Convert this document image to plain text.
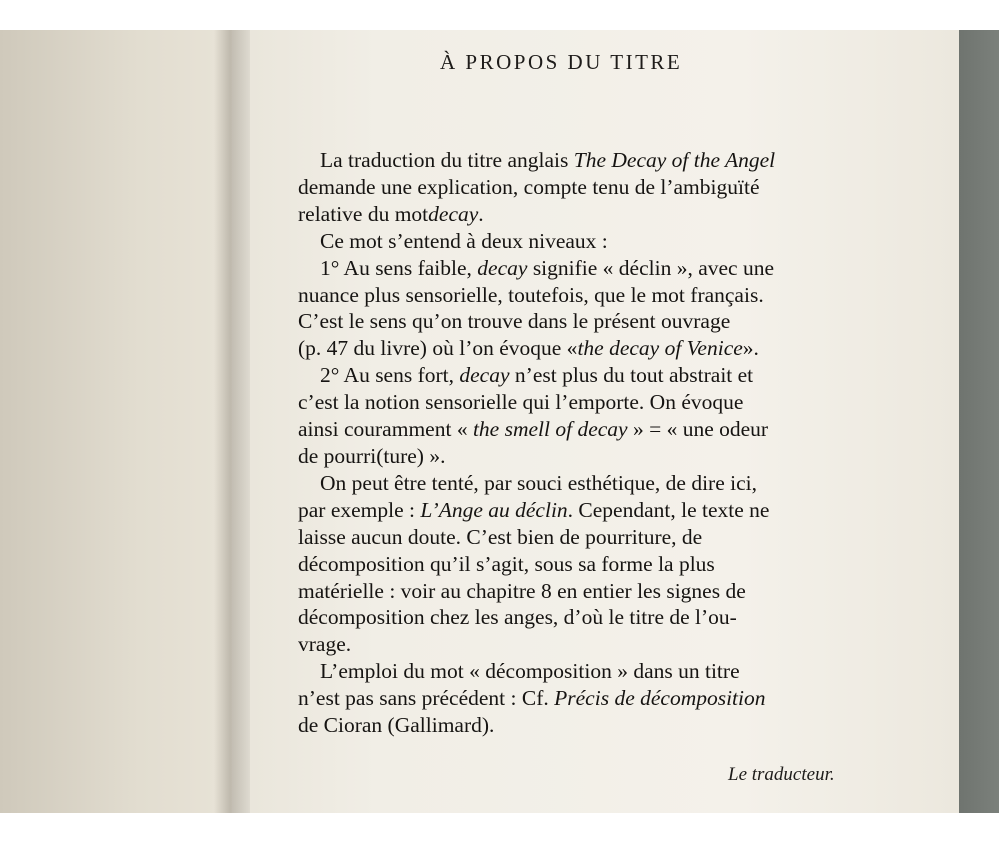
À PROPOS DU TITRE
La traduction du titre anglais The Decay of the Angel
demande une explication, compte tenu de l’ambiguïté
relative du mot decay .
Ce mot s’entend à deux niveaux :
1° Au sens faible, decay signifie « déclin », avec une
nuance plus sensorielle, toutefois, que le mot français.
C’est le sens qu’on trouve dans le présent ouvrage
(p. 47 du livre) où l’on évoque « the decay of Venice ».
2° Au sens fort, decay n’est plus du tout abstrait et
c’est la notion sensorielle qui l’emporte. On évoque
ainsi couramment « the smell of decay » = « une odeur
de pourri(ture) ».
On peut être tenté, par souci esthétique, de dire ici,
par exemple : L’Ange au déclin . Cependant, le texte ne
laisse aucun doute. C’est bien de pourriture, de
décomposition qu’il s’agit, sous sa forme la plus
matérielle : voir au chapitre 8 en entier les signes de
décomposition chez les anges, d’où le titre de l’ou-
vrage.
L’emploi du mot « décomposition » dans un titre
n’est pas sans précédent : Cf. Précis de décomposition
de Cioran (Gallimard).
Le traducteur.
